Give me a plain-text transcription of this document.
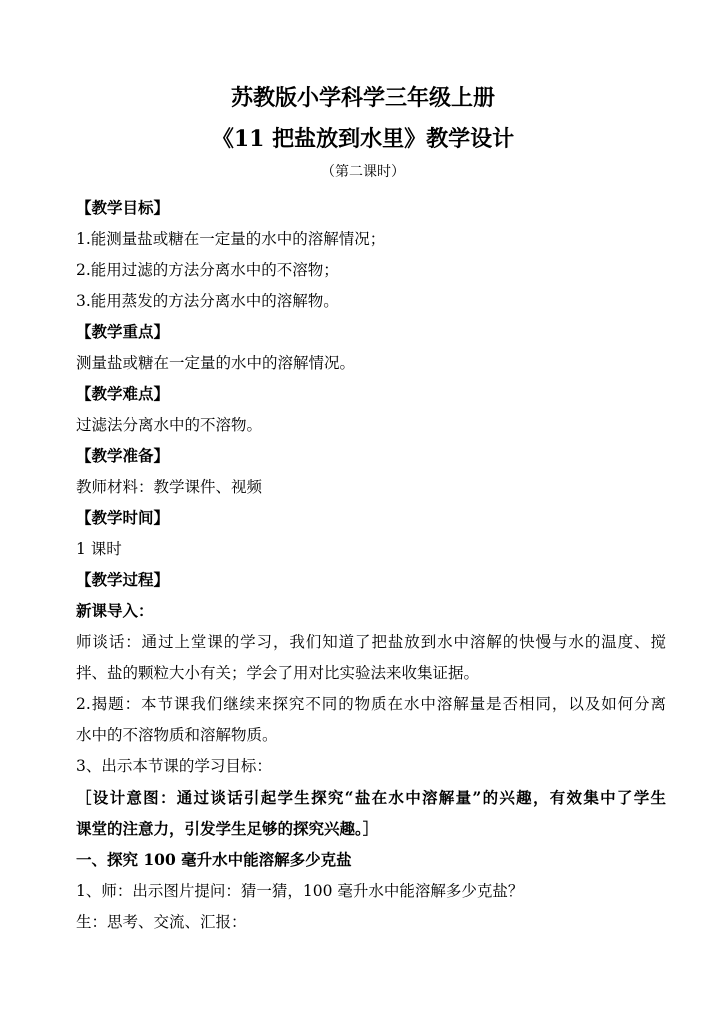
苏教版小学科学三年级上册
《11 把盐放到水里》教学设计
（第二课时）
【教学目标】
1.能测量盐或糖在一定量的水中的溶解情况；
2.能用过滤的方法分离水中的不溶物；
3.能用蒸发的方法分离水中的溶解物。
【教学重点】
测量盐或糖在一定量的水中的溶解情况。
【教学难点】
过滤法分离水中的不溶物。
【教学准备】
教师材料：教学课件、视频
【教学时间】
1 课时
【教学过程】
新课导入：
师谈话：通过上堂课的学习，我们知道了把盐放到水中溶解的快慢与水的温度、搅
拌、盐的颗粒大小有关；学会了用对比实验法来收集证据。
2.揭题：本节课我们继续来探究不同的物质在水中溶解量是否相同，以及如何分离
水中的不溶物质和溶解物质。
3、出示本节课的学习目标：
［设计意图：通过谈话引起学生探究“盐在水中溶解量”的兴趣，有效集中了学生
课堂的注意力，引发学生足够的探究兴趣。］
一、探究 100 毫升水中能溶解多少克盐
1、师：出示图片提问：猜一猜，100 毫升水中能溶解多少克盐？
生：思考、交流、汇报：
